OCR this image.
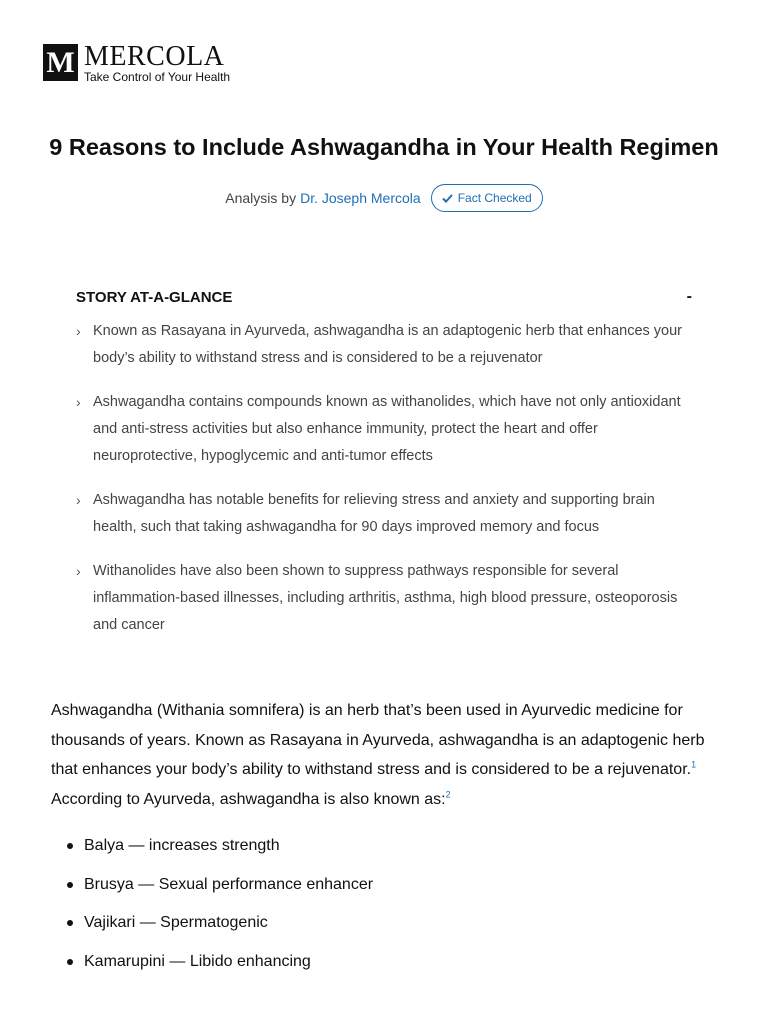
M MERCOLA
Take Control of Your Health
9 Reasons to Include Ashwagandha in Your Health Regimen
Analysis by Dr. Joseph Mercola	Fact Checked
STORY AT-A-GLANCE	-
› Known as Rasayana in Ayurveda, ashwagandha is an adaptogenic herb that enhances your body’s ability to withstand stress and is considered to be a rejuvenator
› Ashwagandha contains compounds known as withanolides, which have not only antioxidant and anti-stress activities but also enhance immunity, protect the heart and offer neuroprotective, hypoglycemic and anti-tumor effects
› Ashwagandha has notable benefits for relieving stress and anxiety and supporting brain health, such that taking ashwagandha for 90 days improved memory and focus
› Withanolides have also been shown to suppress pathways responsible for several inflammation-based illnesses, including arthritis, asthma, high blood pressure, osteoporosis and cancer

Ashwagandha (Withania somnifera) is an herb that’s been used in Ayurvedic medicine for thousands of years. Known as Rasayana in Ayurveda, ashwagandha is an adaptogenic herb that enhances your body’s ability to withstand stress and is considered to be a rejuvenator.$^1$ According to Ayurveda, ashwagandha is also known as:$^2$

Balya — increases strength
Brusya — Sexual performance enhancer
Vajikari — Spermatogenic
Kamarupini — Libido enhancing
